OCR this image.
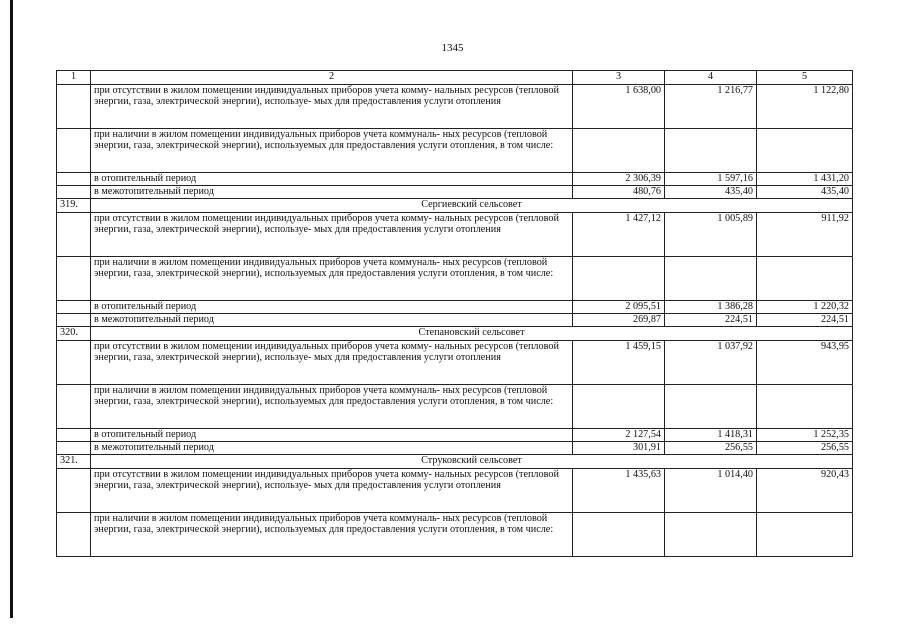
1345
1	2	3	4	5
	при отсутствии в жилом помещении индивидуальных приборов учета комму- нальных ресурсов (тепловой энергии, газа, электрической энергии), используе- мых для предоставления услуги отопления	1 638,00	1 216,77	1 122,80
	при наличии в жилом помещении индивидуальных приборов учета коммуналь- ных ресурсов (тепловой энергии, газа, электрической энергии), используемых для предоставления услуги отопления, в том числе:			
	в отопительный период	2 306,39	1 597,16	1 431,20
	в межотопительный период	480,76	435,40	435,40
319.	Сергиевский сельсовет			
	при отсутствии в жилом помещении индивидуальных приборов учета комму- нальных ресурсов (тепловой энергии, газа, электрической энергии), используе- мых для предоставления услуги отопления	1 427,12	1 005,89	911,92
	при наличии в жилом помещении индивидуальных приборов учета коммуналь- ных ресурсов (тепловой энергии, газа, электрической энергии), используемых для предоставления услуги отопления, в том числе:			
	в отопительный период	2 095,51	1 386,28	1 220,32
	в межотопительный период	269,87	224,51	224,51
320.	Степановский сельсовет			
	при отсутствии в жилом помещении индивидуальных приборов учета комму- нальных ресурсов (тепловой энергии, газа, электрической энергии), используе- мых для предоставления услуги отопления	1 459,15	1 037,92	943,95
	при наличии в жилом помещении индивидуальных приборов учета коммуналь- ных ресурсов (тепловой энергии, газа, электрической энергии), используемых для предоставления услуги отопления, в том числе:			
	в отопительный период	2 127,54	1 418,31	1 252,35
	в межотопительный период	301,91	256,55	256,55
321.	Струковский сельсовет			
	при отсутствии в жилом помещении индивидуальных приборов учета комму- нальных ресурсов (тепловой энергии, газа, электрической энергии), используе- мых для предоставления услуги отопления	1 435,63	1 014,40	920,43
	при наличии в жилом помещении индивидуальных приборов учета коммуналь- ных ресурсов (тепловой энергии, газа, электрической энергии), используемых для предоставления услуги отопления, в том числе:			
